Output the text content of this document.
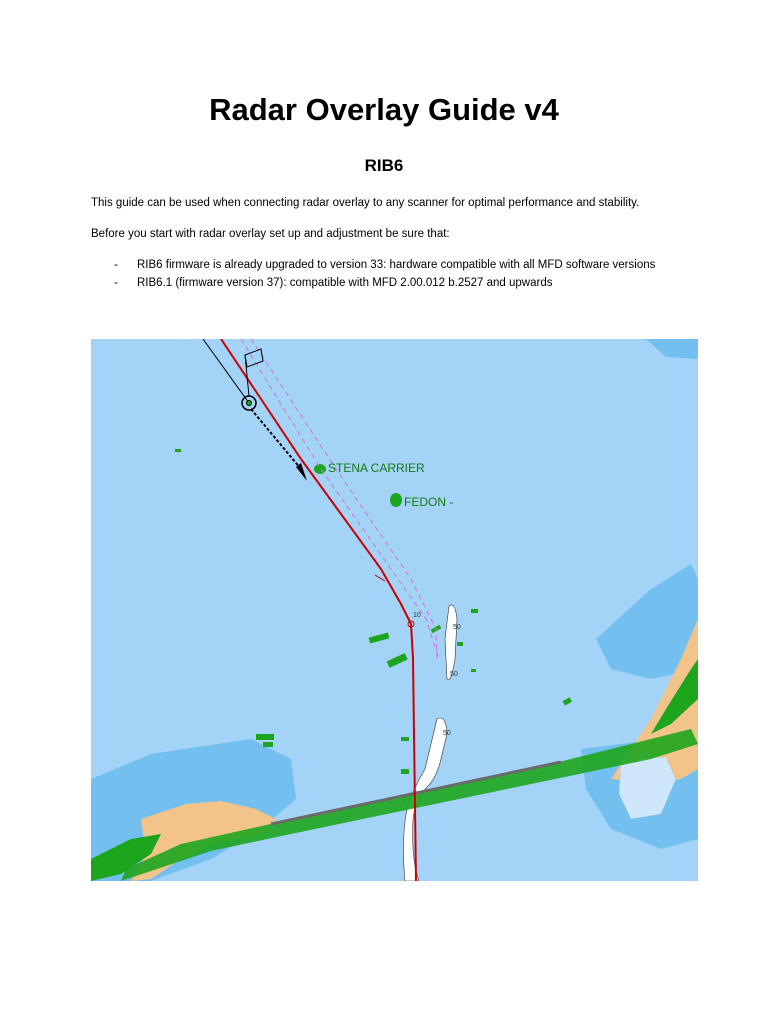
Radar Overlay Guide v4
RIB6

This guide can be used when connecting radar overlay to any scanner for optimal performance and stability.

Before you start with radar overlay set up and adjustment be sure that:

- RIB6 firmware is already upgraded to version 33: hardware compatible with all MFD software versions
- RIB6.1 (firmware version 37): compatible with MFD 2.00.012 b.2527 and upwards
STENA CARRIER
FEDON -
10
50
50
50
